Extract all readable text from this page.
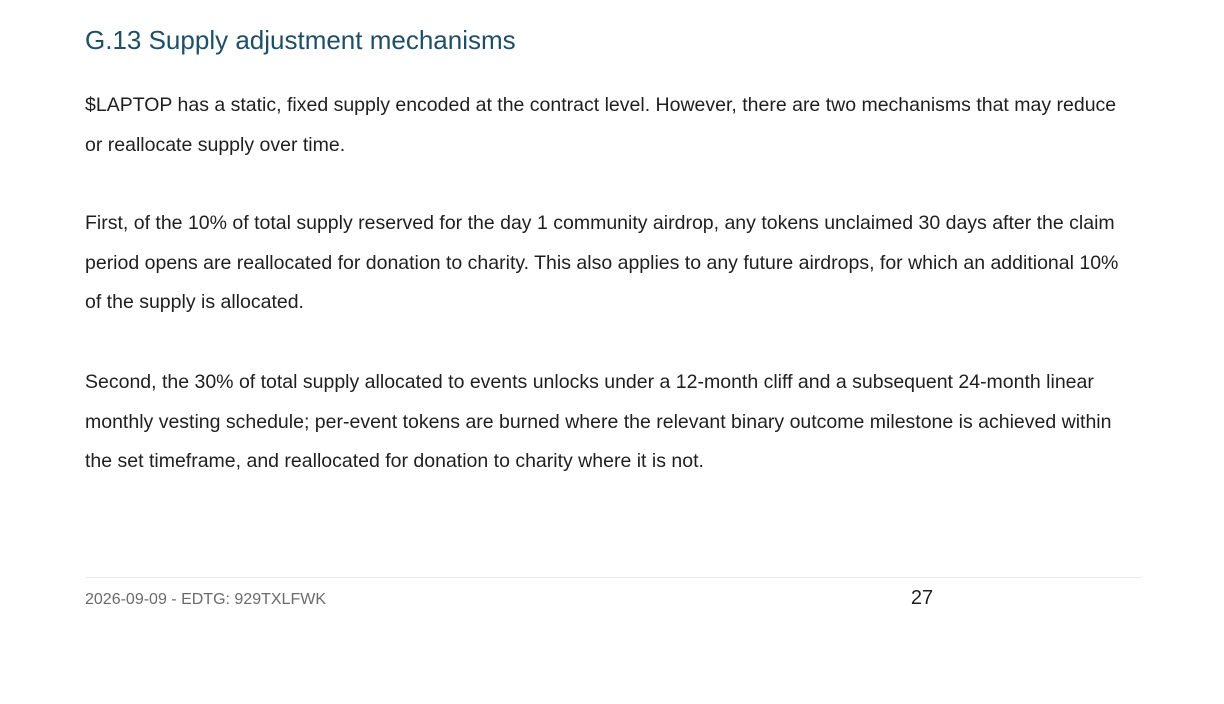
G.13 Supply adjustment mechanisms

$LAPTOP has a static, fixed supply encoded at the contract level. However, there are two mechanisms that may reduce or reallocate supply over time.

First, of the 10% of total supply reserved for the day 1 community airdrop, any tokens unclaimed 30 days after the claim period opens are reallocated for donation to charity. This also applies to any future airdrops, for which an additional 10% of the supply is allocated.

Second, the 30% of total supply allocated to events unlocks under a 12-month cliff and a subsequent 24-month linear monthly vesting schedule; per-event tokens are burned where the relevant binary outcome milestone is achieved within the set timeframe, and reallocated for donation to charity where it is not.

2026-09-09 - EDTG: 929TXLFWK	27
